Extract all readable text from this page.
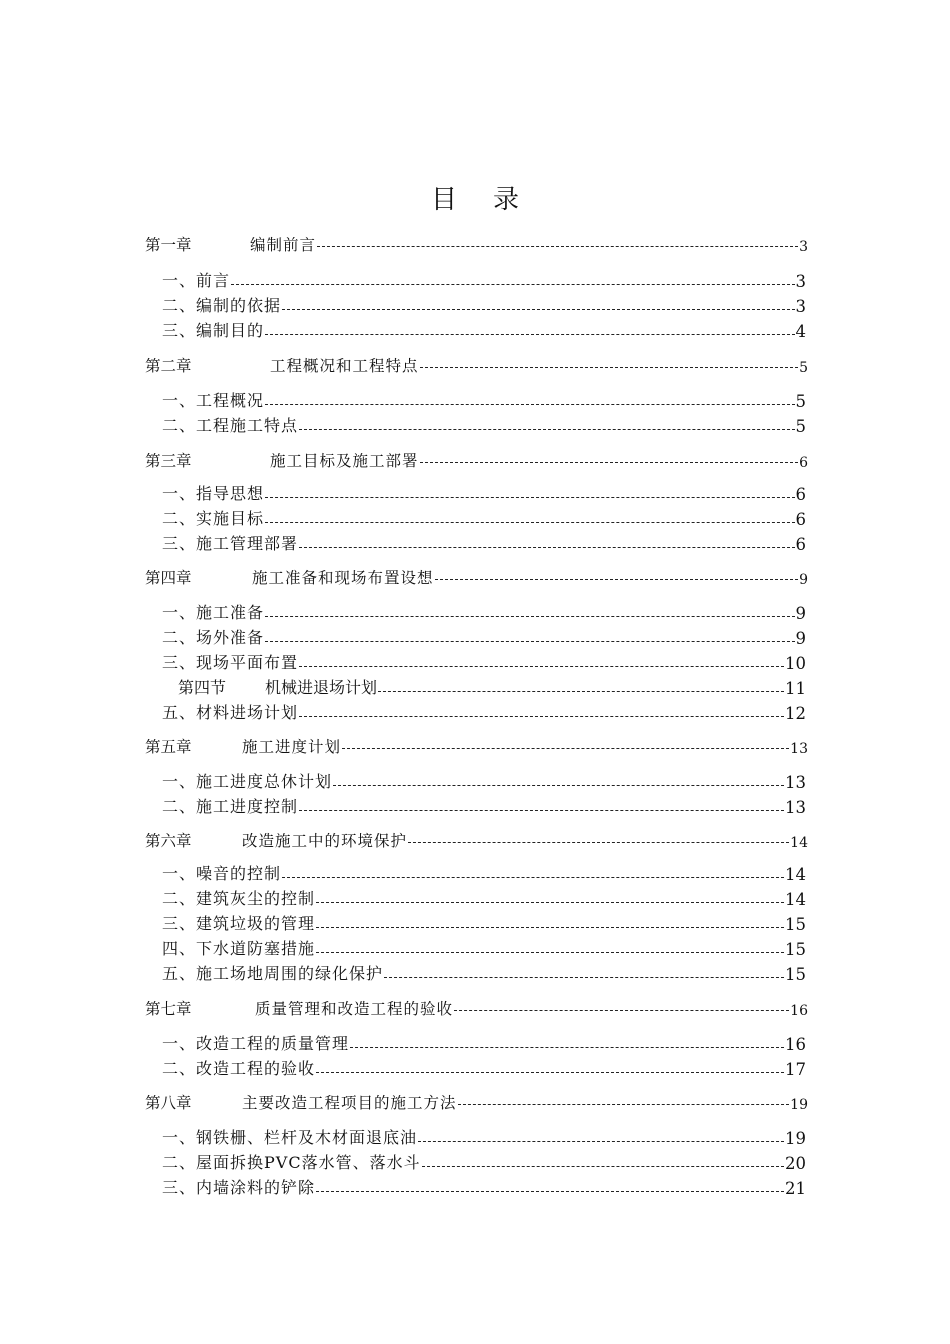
目录
第一章	编制前言	3
一、前言	3
二、编制的依据	3
三、编制目的	4
第二章	工程概况和工程特点	5
一、工程概况	5
二、工程施工特点	5
第三章	施工目标及施工部署	6
一、指导思想	6
二、实施目标	6
三、施工管理部署	6
第四章	施工准备和现场布置设想	9
一、施工准备	9
二、场外准备	9
三、现场平面布置	10
第四节 机械进退场计划	11
五、材料进场计划	12
第五章	施工进度计划	13
一、施工进度总休计划	13
二、施工进度控制	13
第六章	改造施工中的环境保护	14
一、噪音的控制	14
二、建筑灰尘的控制	14
三、建筑垃圾的管理	15
四、下水道防塞措施	15
五、施工场地周围的绿化保护	15
第七章	质量管理和改造工程的验收	16
一、改造工程的质量管理	16
二、改造工程的验收	17
第八章	主要改造工程项目的施工方法	19
一、钢铁栅、栏杆及木材面退底油	19
二、屋面拆换PVC落水管、落水斗	20
三、内墙涂料的铲除	21
